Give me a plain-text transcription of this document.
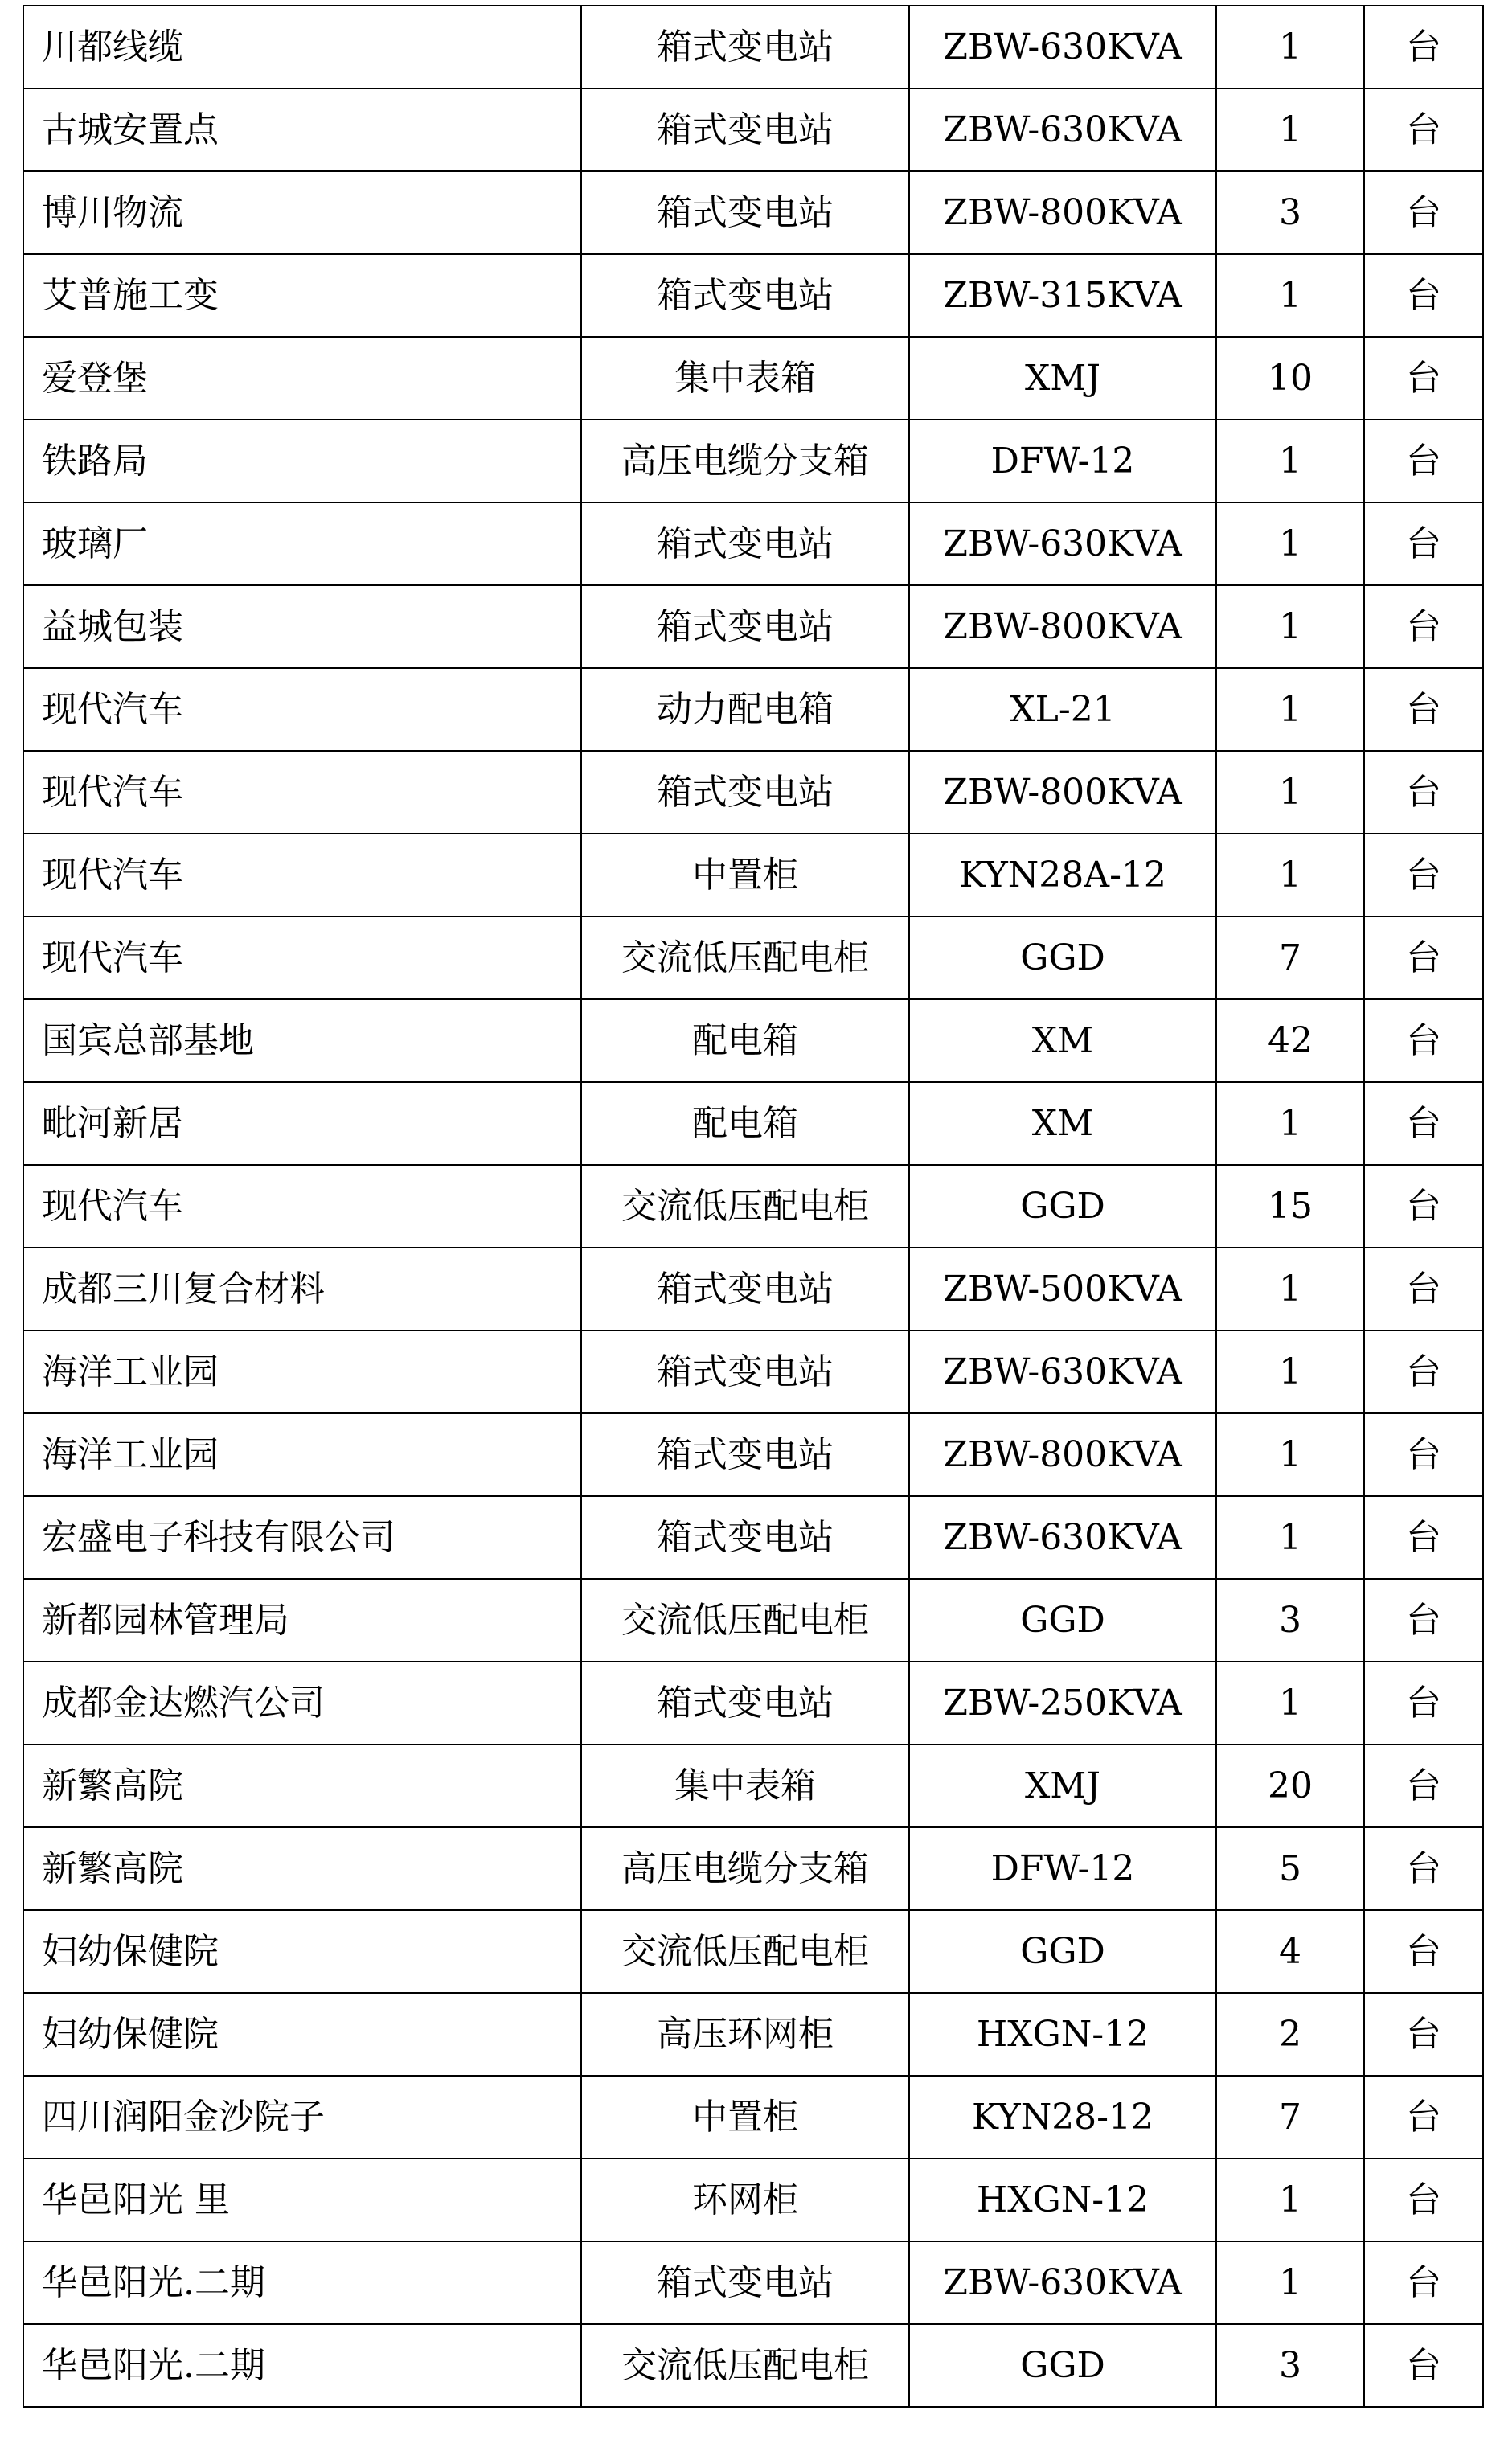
川都线缆	箱式变电站	ZBW-630KVA	1	台
古城安置点	箱式变电站	ZBW-630KVA	1	台
博川物流	箱式变电站	ZBW-800KVA	3	台
艾普施工变	箱式变电站	ZBW-315KVA	1	台
爱登堡	集中表箱	XMJ	10	台
铁路局	高压电缆分支箱	DFW-12	1	台
玻璃厂	箱式变电站	ZBW-630KVA	1	台
益城包装	箱式变电站	ZBW-800KVA	1	台
现代汽车	动力配电箱	XL-21	1	台
现代汽车	箱式变电站	ZBW-800KVA	1	台
现代汽车	中置柜	KYN28A-12	1	台
现代汽车	交流低压配电柜	GGD	7	台
国宾总部基地	配电箱	XM	42	台
毗河新居	配电箱	XM	1	台
现代汽车	交流低压配电柜	GGD	15	台
成都三川复合材料	箱式变电站	ZBW-500KVA	1	台
海洋工业园	箱式变电站	ZBW-630KVA	1	台
海洋工业园	箱式变电站	ZBW-800KVA	1	台
宏盛电子科技有限公司	箱式变电站	ZBW-630KVA	1	台
新都园林管理局	交流低压配电柜	GGD	3	台
成都金达燃汽公司	箱式变电站	ZBW-250KVA	1	台
新繁高院	集中表箱	XMJ	20	台
新繁高院	高压电缆分支箱	DFW-12	5	台
妇幼保健院	交流低压配电柜	GGD	4	台
妇幼保健院	高压环网柜	HXGN-12	2	台
四川润阳金沙院子	中置柜	KYN28-12	7	台
华邑阳光 里	环网柜	HXGN-12	1	台
华邑阳光.二期	箱式变电站	ZBW-630KVA	1	台
华邑阳光.二期	交流低压配电柜	GGD	3	台
